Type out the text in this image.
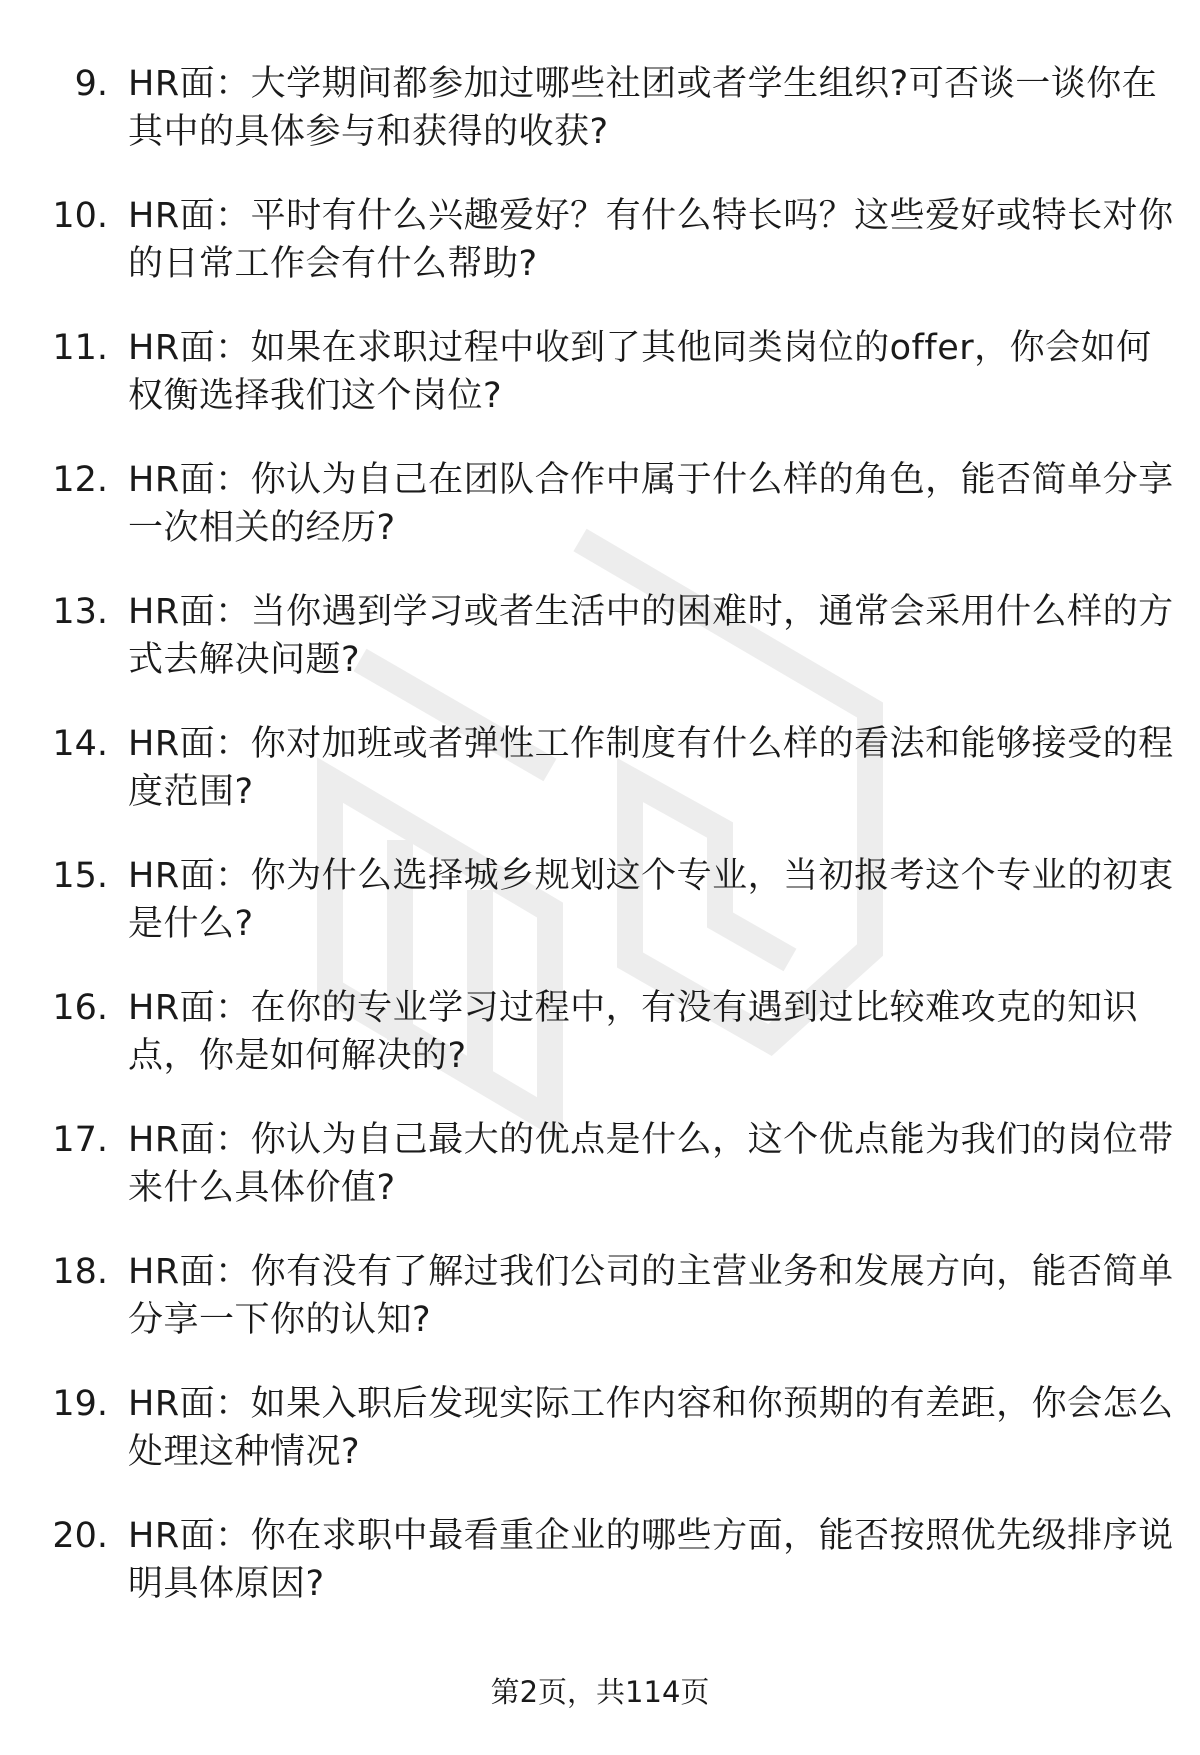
9. HR面：大学期间都参加过哪些社团或者学生组织?可否谈一谈你在其中的具体参与和获得的收获?
10. HR面：平时有什么兴趣爱好？有什么特长吗？这些爱好或特长对你的日常工作会有什么帮助?
11. HR面：如果在求职过程中收到了其他同类岗位的offer，你会如何权衡选择我们这个岗位?
12. HR面：你认为自己在团队合作中属于什么样的角色，能否简单分享一次相关的经历?
13. HR面：当你遇到学习或者生活中的困难时，通常会采用什么样的方式去解决问题?
14. HR面：你对加班或者弹性工作制度有什么样的看法和能够接受的程度范围?
15. HR面：你为什么选择城乡规划这个专业，当初报考这个专业的初衷是什么?
16. HR面：在你的专业学习过程中，有没有遇到过比较难攻克的知识点，你是如何解决的?
17. HR面：你认为自己最大的优点是什么，这个优点能为我们的岗位带来什么具体价值?
18. HR面：你有没有了解过我们公司的主营业务和发展方向，能否简单分享一下你的认知?
19. HR面：如果入职后发现实际工作内容和你预期的有差距，你会怎么处理这种情况?
20. HR面：你在求职中最看重企业的哪些方面，能否按照优先级排序说明具体原因?
第2页，共114页
